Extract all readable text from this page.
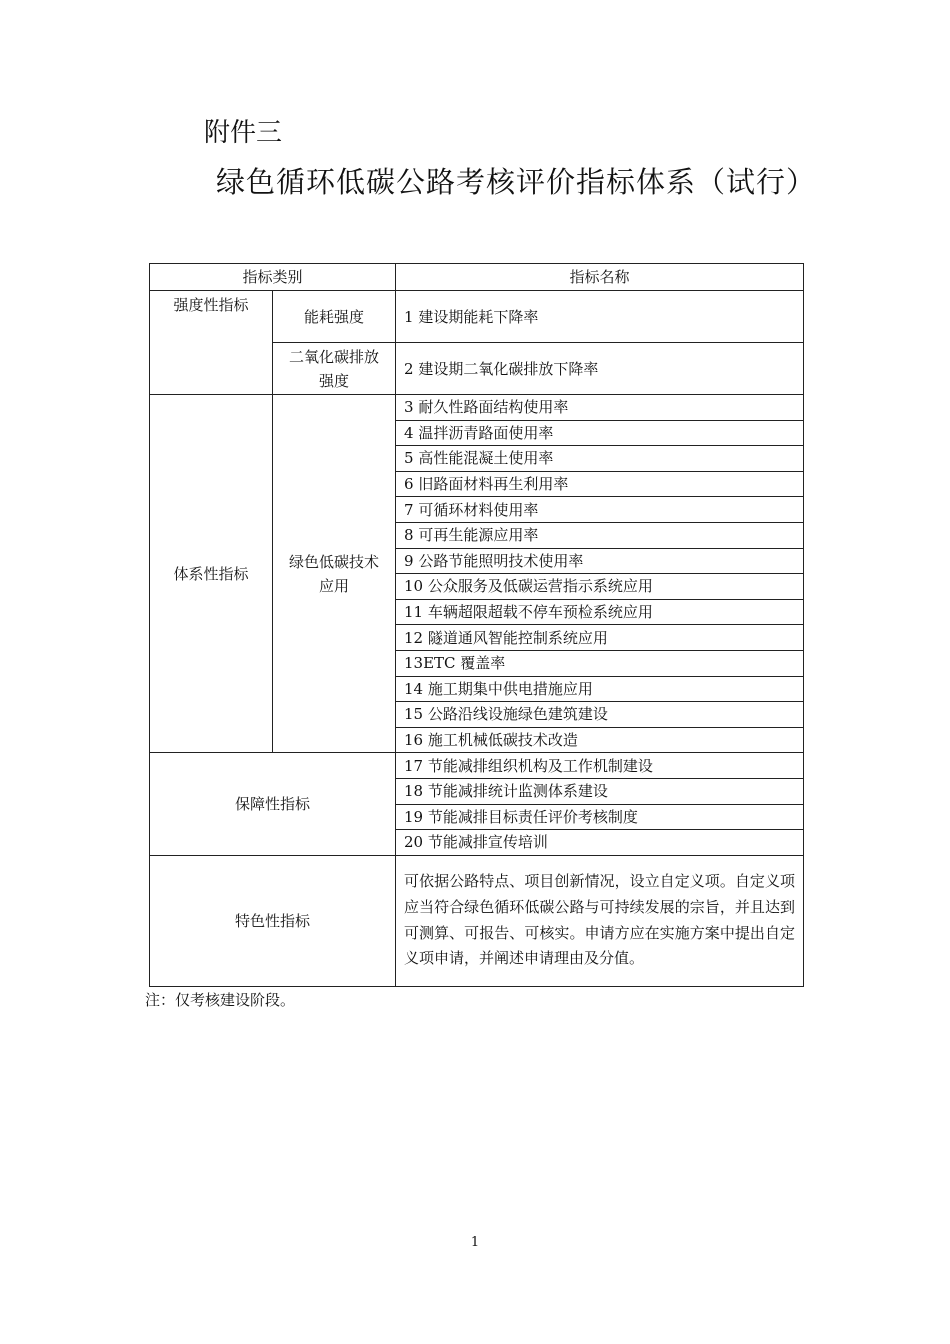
附件三
绿色循环低碳公路考核评价指标体系（试行）
指标类别		指标名称
强度性指标	能耗强度	1 建设期能耗下降率
	二氧化碳排放强度	2 建设期二氧化碳排放下降率
体系性指标	绿色低碳技术应用	3 耐久性路面结构使用率
		4 温拌沥青路面使用率
		5 高性能混凝土使用率
		6 旧路面材料再生利用率
		7 可循环材料使用率
		8 可再生能源应用率
		9 公路节能照明技术使用率
		10 公众服务及低碳运营指示系统应用
		11 车辆超限超载不停车预检系统应用
		12 隧道通风智能控制系统应用
		13ETC 覆盖率
		14 施工期集中供电措施应用
		15 公路沿线设施绿色建筑建设
		16 施工机械低碳技术改造
保障性指标		17 节能减排组织机构及工作机制建设
		18 节能减排统计监测体系建设
		19 节能减排目标责任评价考核制度
		20 节能减排宣传培训
特色性指标		可依据公路特点、项目创新情况，设立自定义项。自定义项应当符合绿色循环低碳公路与可持续发展的宗旨，并且达到可测算、可报告、可核实。申请方应在实施方案中提出自定义项申请，并阐述申请理由及分值。
注：仅考核建设阶段。
1
